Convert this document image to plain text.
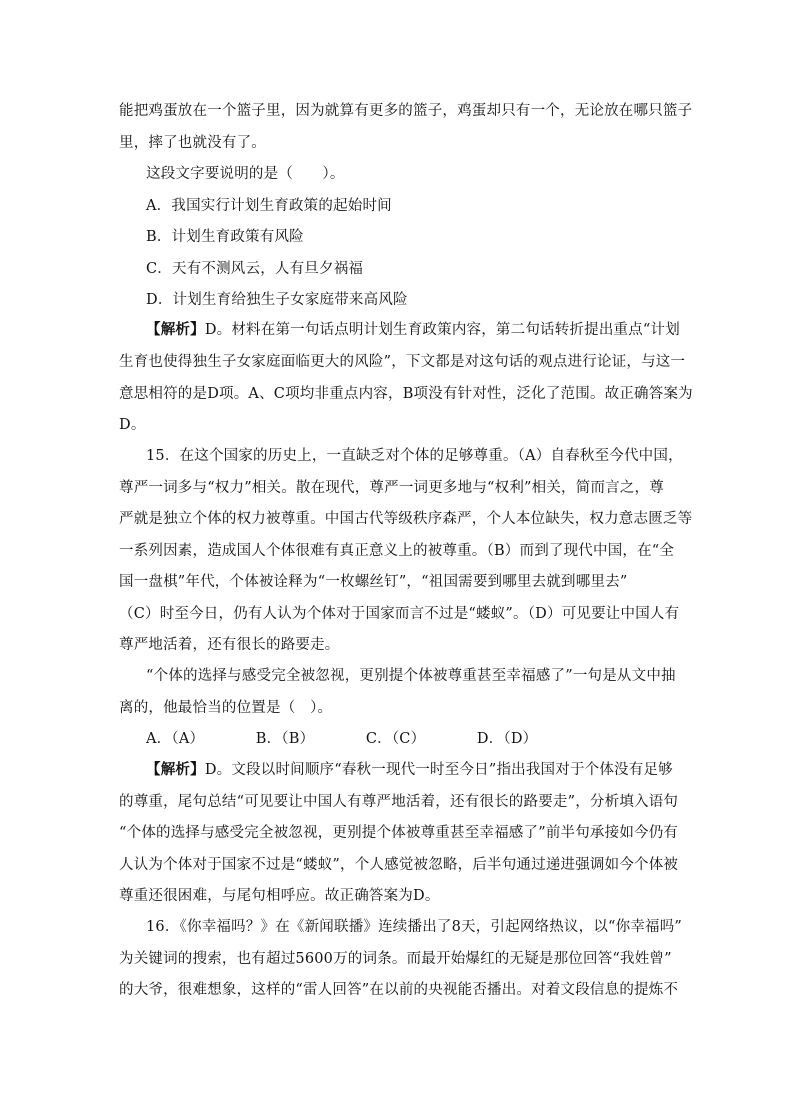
能把鸡蛋放在一个篮子里，因为就算有更多的篮子，鸡蛋却只有一个，无论放在哪只篮子
里，摔了也就没有了。
这段文字要说明的是（　　）。
A．我国实行计划生育政策的起始时间
B．计划生育政策有风险
C．天有不测风云，人有旦夕祸福
D．计划生育给独生子女家庭带来高风险
【解析】D。材料在第一句话点明计划生育政策内容，第二句话转折提出重点“计划
生育也使得独生子女家庭面临更大的风险”，下文都是对这句话的观点进行论证，与这一
意思相符的是D项。A、C项均非重点内容，B项没有针对性，泛化了范围。故正确答案为
D。
15．在这个国家的历史上，一直缺乏对个体的足够尊重。（A）自春秋至今代中国，
尊严一词多与“权力”相关。散在现代，尊严一词更多地与“权利”相关，简而言之，尊
严就是独立个体的权力被尊重。中国古代等级秩序森严，个人本位缺失，权力意志匮乏等
一系列因素，造成国人个体很难有真正意义上的被尊重。（B）而到了现代中国，在“全
国一盘棋”年代，个体被诠释为“一枚螺丝钉”，“祖国需要到哪里去就到哪里去”
（C）时至今日，仍有人认为个体对于国家而言不过是“蝼蚁”。（D）可见要让中国人有
尊严地活着，还有很长的路要走。
“个体的选择与感受完全被忽视，更别提个体被尊重甚至幸福感了”一句是从文中抽
离的，他最恰当的位置是（　）。
A．（A）　　　　B．（B）　　　　C．（C）　　　　D．（D）
【解析】D。文段以时间顺序“春秋一现代一时至今日”指出我国对于个体没有足够
的尊重，尾句总结“可见要让中国人有尊严地活着，还有很长的路要走”，分析填入语句
“个体的选择与感受完全被忽视，更别提个体被尊重甚至幸福感了”前半句承接如今仍有
人认为个体对于国家不过是“蝼蚁”，个人感觉被忽略，后半句通过递进强调如今个体被
尊重还很困难，与尾句相呼应。故正确答案为D。
16．《你幸福吗？》在《新闻联播》连续播出了8天，引起网络热议，以“你幸福吗”
为关键词的搜索，也有超过5600万的词条。而最开始爆红的无疑是那位回答“我姓曾”
的大爷，很难想象，这样的“雷人回答”在以前的央视能否播出。对着文段信息的提炼不
